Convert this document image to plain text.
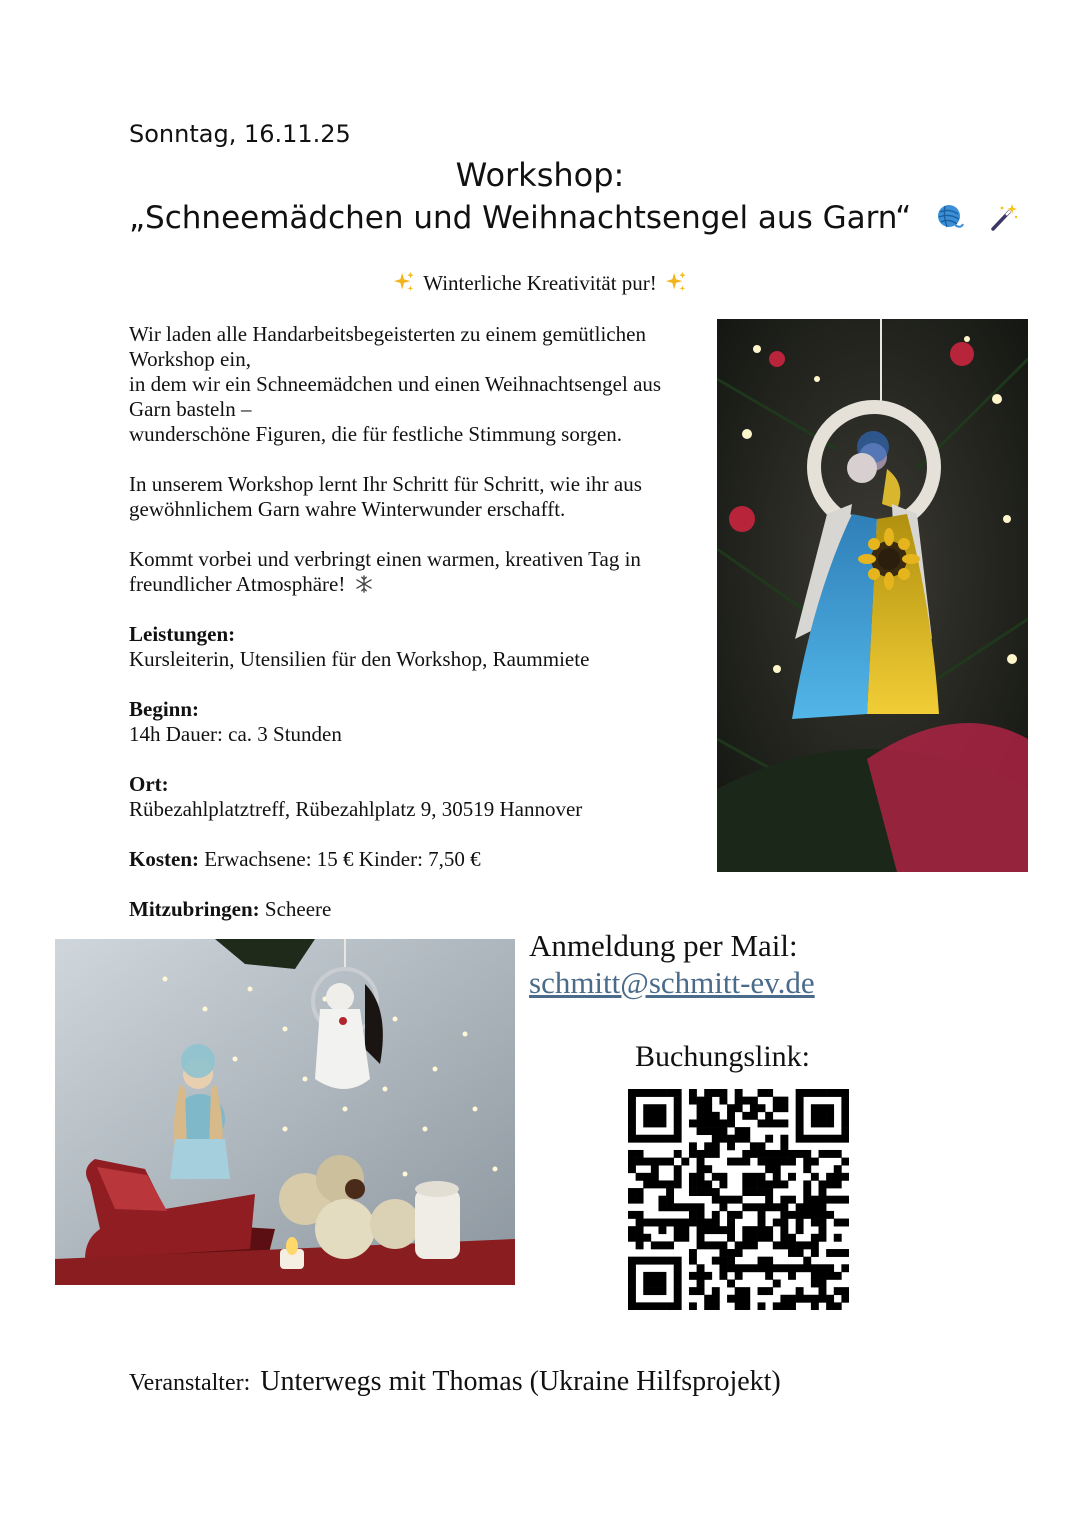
Sonntag, 16.11.25
Workshop:
„Schneemädchen und Weihnachtsengel aus Garn“
Winterliche Kreativität pur!

Wir laden alle Handarbeitsbegeisterten zu einem gemütlichen
Workshop ein,
in dem wir ein Schneemädchen und einen Weihnachtsengel aus
Garn basteln –
wunderschöne Figuren, die für festliche Stimmung sorgen.

In unserem Workshop lernt Ihr Schritt für Schritt, wie ihr aus
gewöhnlichem Garn wahre Winterwunder erschafft.

Kommt vorbei und verbringt einen warmen, kreativen Tag in
freundlicher Atmosphäre!

Leistungen:
Kursleiterin, Utensilien für den Workshop, Raummiete

Beginn:
14h Dauer: ca. 3 Stunden

Ort:
Rübezahlplatztreff, Rübezahlplatz 9, 30519 Hannover

Kosten: Erwachsene: 15 € Kinder: 7,50 €

Mitzubringen: Scheere

Anmeldung per Mail:
schmitt@schmitt-ev.de
Buchungslink:
Veranstalter: Unterwegs mit Thomas (Ukraine Hilfsprojekt)
